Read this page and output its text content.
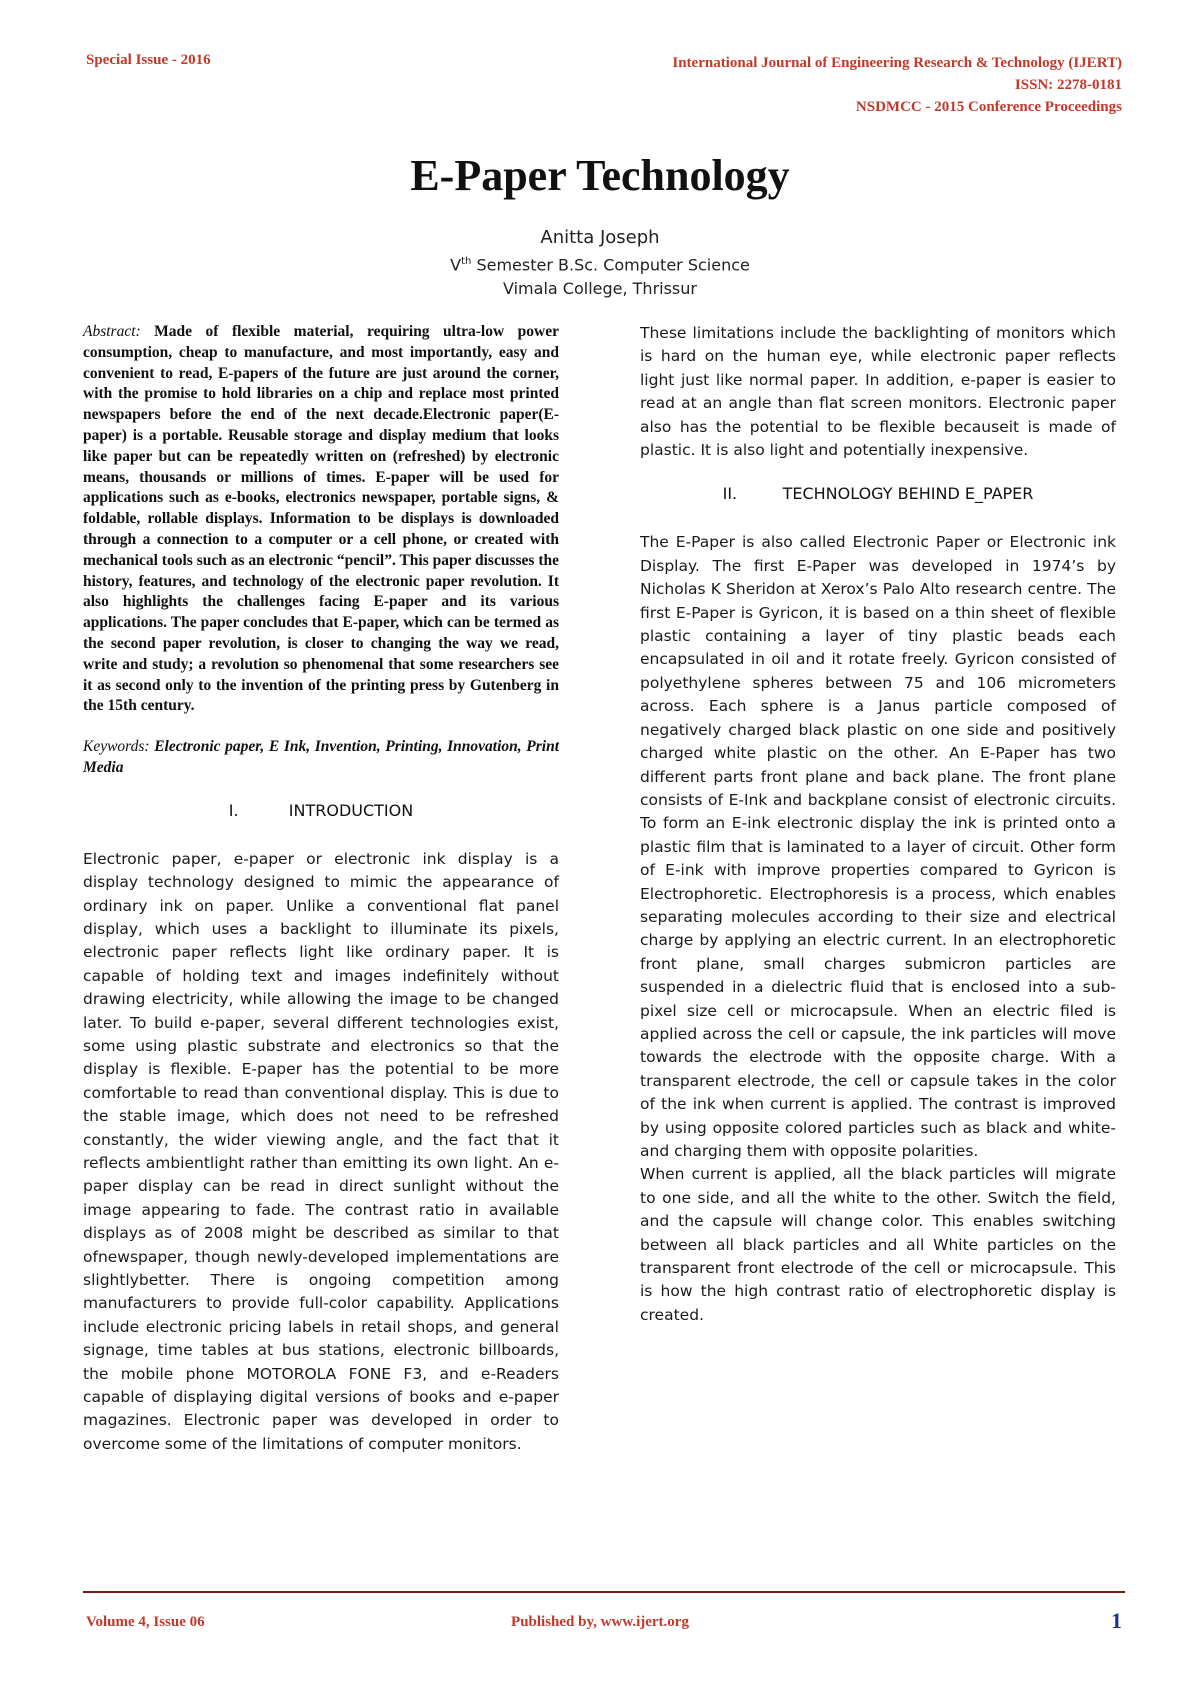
Special Issue - 2016	International Journal of Engineering Research & Technology (IJERT)
ISSN: 2278-0181
NSDMCC - 2015 Conference Proceedings
E-Paper Technology
Anitta Joseph
Vth Semester B.Sc. Computer Science
Vimala College, Thrissur

Abstract: Made of flexible material, requiring ultra-low power consumption, cheap to manufacture, and most importantly, easy and convenient to read, E-papers of the future are just around the corner, with the promise to hold libraries on a chip and replace most printed newspapers before the end of the next decade.Electronic paper(E-paper) is a portable. Reusable storage and display medium that looks like paper but can be repeatedly written on (refreshed) by electronic means, thousands or millions of times. E-paper will be used for applications such as e-books, electronics newspaper, portable signs, & foldable, rollable displays. Information to be displays is downloaded through a connection to a computer or a cell phone, or created with mechanical tools such as an electronic “pencil”. This paper discusses the history, features, and technology of the electronic paper revolution. It also highlights the challenges facing E-paper and its various applications. The paper concludes that E-paper, which can be termed as the second paper revolution, is closer to changing the way we read, write and study; a revolution so phenomenal that some researchers see it as second only to the invention of the printing press by Gutenberg in the 15th century.

Keywords: Electronic paper, E Ink, Invention, Printing, Innovation, Print Media

I.	INTRODUCTION

Electronic paper, e-paper or electronic ink display is a display technology designed to mimic the appearance of ordinary ink on paper. Unlike a conventional flat panel display, which uses a backlight to illuminate its pixels, electronic paper reflects light like ordinary paper. It is capable of holding text and images indefinitely without drawing electricity, while allowing the image to be changed later. To build e-paper, several different technologies exist, some using plastic substrate and electronics so that the display is flexible. E-paper has the potential to be more comfortable to read than conventional display. This is due to the stable image, which does not need to be refreshed constantly, the wider viewing angle, and the fact that it reflects ambientlight rather than emitting its own light. An e-paper display can be read in direct sunlight without the image appearing to fade. The contrast ratio in available displays as of 2008 might be described as similar to that ofnewspaper, though newly-developed implementations are slightlybetter. There is ongoing competition among manufacturers to provide full-color capability. Applications include electronic pricing labels in retail shops, and general signage, time tables at bus stations, electronic billboards, the mobile phone MOTOROLA FONE F3, and e-Readers capable of displaying digital versions of books and e-paper magazines. Electronic paper was developed in order to overcome some of the limitations of computer monitors.

These limitations include the backlighting of monitors which is hard on the human eye, while electronic paper reflects light just like normal paper. In addition, e-paper is easier to read at an angle than flat screen monitors. Electronic paper also has the potential to be flexible becauseit is made of plastic. It is also light and potentially inexpensive.

II.	TECHNOLOGY BEHIND E_PAPER

The E-Paper is also called Electronic Paper or Electronic ink Display. The first E-Paper was developed in 1974’s by Nicholas K Sheridon at Xerox’s Palo Alto research centre. The first E-Paper is Gyricon, it is based on a thin sheet of flexible plastic containing a layer of tiny plastic beads each encapsulated in oil and it rotate freely. Gyricon consisted of polyethylene spheres between 75 and 106 micrometers across. Each sphere is a Janus particle composed of negatively charged black plastic on one side and positively charged white plastic on the other. An E-Paper has two different parts front plane and back plane. The front plane consists of E-Ink and backplane consist of electronic circuits. To form an E-ink electronic display the ink is printed onto a plastic film that is laminated to a layer of circuit. Other form of E-ink with improve properties compared to Gyricon is Electrophoretic. Electrophoresis is a process, which enables separating molecules according to their size and electrical charge by applying an electric current. In an electrophoretic front plane, small charges submicron particles are suspended in a dielectric fluid that is enclosed into a sub-pixel size cell or microcapsule. When an electric filed is applied across the cell or capsule, the ink particles will move towards the electrode with the opposite charge. With a transparent electrode, the cell or capsule takes in the color of the ink when current is applied. The contrast is improved by using opposite colored particles such as black and white- and charging them with opposite polarities.

When current is applied, all the black particles will migrate to one side, and all the white to the other. Switch the field, and the capsule will change color. This enables switching between all black particles and all White particles on the transparent front electrode of the cell or microcapsule. This is how the high contrast ratio of electrophoretic display is created.

Volume 4, Issue 06	Published by, www.ijert.org	1
